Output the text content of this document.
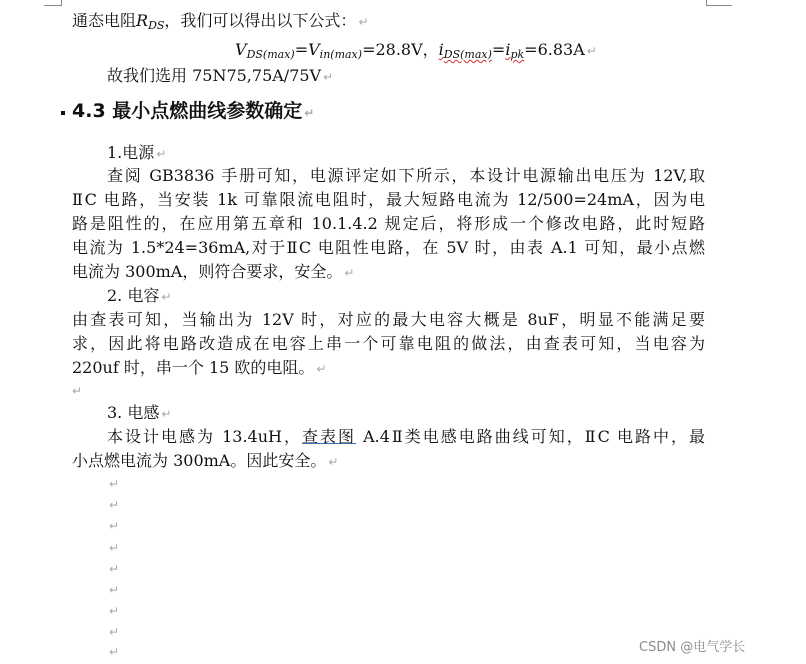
通态电阻$R_{DS}$，我们可以得出以下公式： ↵
$V_{DS(max)}=V_{in(max)}=28.8V$，$i_{DS(max)}=i_{pk}=6.83A$ ↵
故我们选用 75N75,75A/75V ↵
4.3 最小点燃曲线参数确定 ↵
1.电源 ↵
查阅 GB3836 手册可知，电源评定如下所示，本设计电源输出电压为 12V,取
ⅡC 电路，当安装 1k 可靠限流电阻时，最大短路电流为 12/500=24mA，因为电
路是阻性的，在应用第五章和 10.1.4.2 规定后，将形成一个修改电路，此时短路
电流为 1.5*24=36mA,对于ⅡC 电阻性电路，在 5V 时，由表 A.1 可知，最小点燃
电流为 300mA，则符合要求，安全。 ↵
2. 电容 ↵
由查表可知，当输出为 12V 时，对应的最大电容大概是 8uF，明显不能满足要
求，因此将电路改造成在电容上串一个可靠电阻的做法，由查表可知，当电容为
220uf 时，串一个 15 欧的电阻。 ↵
↵
3. 电感 ↵
本设计电感为 13.4uH，查表图 A.4Ⅱ类电感电路曲线可知，ⅡC 电路中，最
小点燃电流为 300mA。因此安全。 ↵
↵
↵
↵
↵
↵
↵
↵
↵
↵	CSDN @电气学长
